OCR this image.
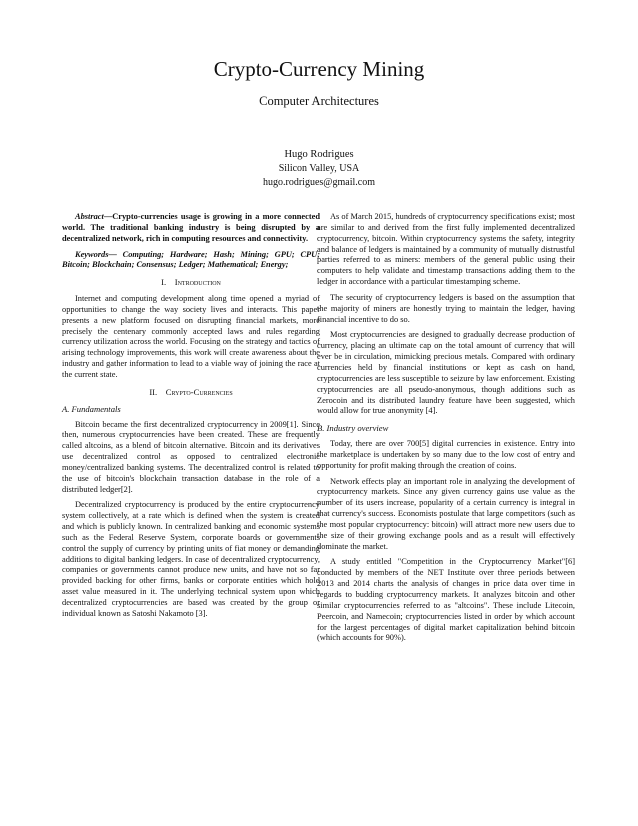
Crypto-Currency Mining
Computer Architectures
Hugo Rodrigues
Silicon Valley, USA
hugo.rodrigues@gmail.com

Abstract—Crypto-currencies usage is growing in a more connected world. The traditional banking industry is being disrupted by a decentralized network, rich in computing resources and connectivity.

Keywords— Computing; Hardware; Hash; Mining; GPU; CPU; Bitcoin; Blockchain; Consensus; Ledger; Mathematical; Energy;

I. Introduction

Internet and computing development along time opened a myriad of opportunities to change the way society lives and interacts. This paper presents a new platform focused on disrupting financial markets, more precisely the centenary commonly accepted laws and rules regarding currency utilization across the world. Focusing on the strategy and tactics of arising technology improvements, this work will create awareness about the industry and gather information to lead to a viable way of joining the race at the current state.

II. Crypto-Currencies
A. Fundamentals

Bitcoin became the first decentralized cryptocurrency in 2009[1]. Since then, numerous cryptocurrencies have been created. These are frequently called altcoins, as a blend of bitcoin alternative. Bitcoin and its derivatives use decentralized control as opposed to centralized electronic money/centralized banking systems. The decentralized control is related to the use of bitcoin's blockchain transaction database in the role of a distributed ledger[2].

Decentralized cryptocurrency is produced by the entire cryptocurrency system collectively, at a rate which is defined when the system is created and which is publicly known. In centralized banking and economic systems such as the Federal Reserve System, corporate boards or governments control the supply of currency by printing units of fiat money or demanding additions to digital banking ledgers. In case of decentralized cryptocurrency, companies or governments cannot produce new units, and have not so far provided backing for other firms, banks or corporate entities which hold asset value measured in it. The underlying technical system upon which decentralized cryptocurrencies are based was created by the group or individual known as Satoshi Nakamoto [3].

As of March 2015, hundreds of cryptocurrency specifications exist; most are similar to and derived from the first fully implemented decentralized cryptocurrency, bitcoin. Within cryptocurrency systems the safety, integrity and balance of ledgers is maintained by a community of mutually distrustful parties referred to as miners: members of the general public using their computers to help validate and timestamp transactions adding them to the ledger in accordance with a particular timestamping scheme.

The security of cryptocurrency ledgers is based on the assumption that the majority of miners are honestly trying to maintain the ledger, having financial incentive to do so.

Most cryptocurrencies are designed to gradually decrease production of currency, placing an ultimate cap on the total amount of currency that will ever be in circulation, mimicking precious metals. Compared with ordinary currencies held by financial institutions or kept as cash on hand, cryptocurrencies are less susceptible to seizure by law enforcement. Existing cryptocurrencies are all pseudo-anonymous, though additions such as Zerocoin and its distributed laundry feature have been suggested, which would allow for true anonymity [4].

B. Industry overview

Today, there are over 700[5] digital currencies in existence. Entry into the marketplace is undertaken by so many due to the low cost of entry and opportunity for profit making through the creation of coins.

Network effects play an important role in analyzing the development of cryptocurrency markets. Since any given currency gains use value as the number of its users increase, popularity of a certain currency is integral in that currency's success. Economists postulate that large competitors (such as the most popular cryptocurrency: bitcoin) will attract more new users due to the size of their growing exchange pools and as a result will effectively dominate the market.

A study entitled "Competition in the Cryptocurrency Market"[6] conducted by members of the NET Institute over three periods between 2013 and 2014 charts the analysis of changes in price data over time in regards to budding cryptocurrency markets. It analyzes bitcoin and other similar cryptocurrencies referred to as "altcoins". These include Litecoin, Peercoin, and Namecoin; cryptocurrencies listed in order by which account for the largest percentages of digital market capitalization behind bitcoin (which accounts for 90%).
